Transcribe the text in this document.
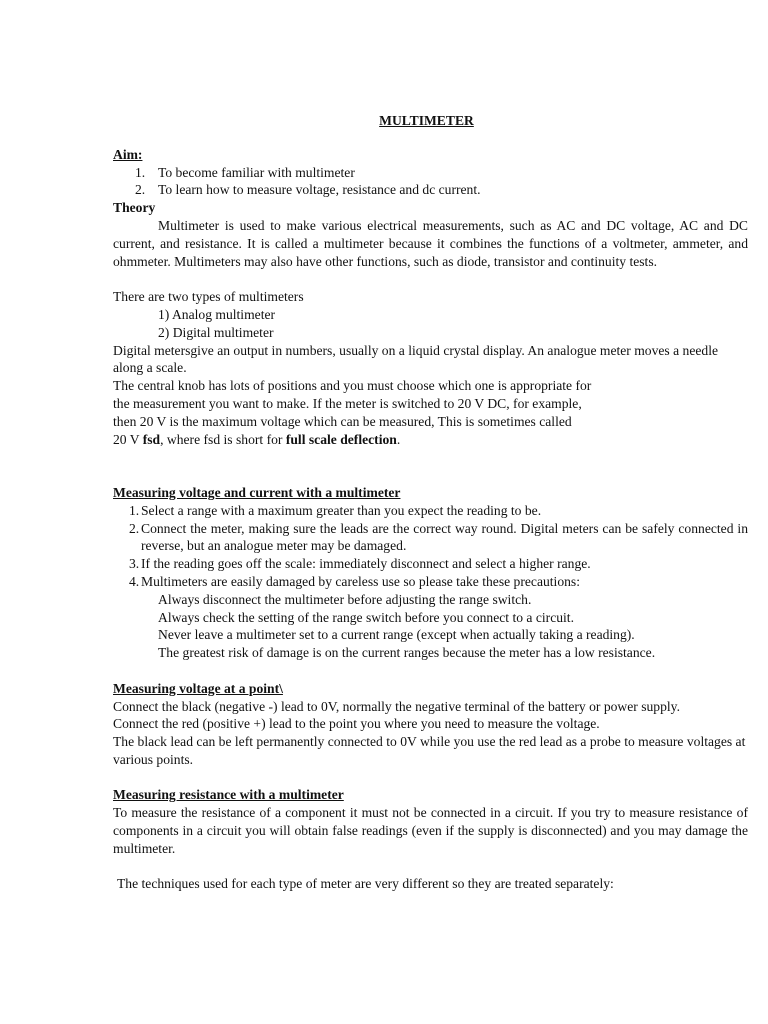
MULTIMETER
Aim:
1. To become familiar with multimeter
2. To learn how to measure voltage, resistance and dc current.
Theory

Multimeter is used to make various electrical measurements, such as AC and DC voltage, AC and DC current, and resistance. It is called a multimeter because it combines the functions of a voltmeter, ammeter, and ohmmeter. Multimeters may also have other functions, such as diode, transistor and continuity tests.

There are two types of multimeters

1) Analog multimeter
2) Digital multimeter

Digital metersgive an output in numbers, usually on a liquid crystal display. An analogue meter moves a needle along a scale.

The central knob has lots of positions and you must choose which one is appropriate for
the measurement you want to make. If the meter is switched to 20 V DC, for example,
then 20 V is the maximum voltage which can be measured, This is sometimes called
20 V fsd, where fsd is short for full scale deflection.
Measuring voltage and current with a multimeter
1. Select a range with a maximum greater than you expect the reading to be.
2. Connect the meter, making sure the leads are the correct way round. Digital meters can be safely connected in reverse, but an analogue meter may be damaged.
3. If the reading goes off the scale: immediately disconnect and select a higher range.
4. Multimeters are easily damaged by careless use so please take these precautions:
Always disconnect the multimeter before adjusting the range switch.
Always check the setting of the range switch before you connect to a circuit.
Never leave a multimeter set to a current range (except when actually taking a reading).
The greatest risk of damage is on the current ranges because the meter has a low resistance.
Measuring voltage at a point\

Connect the black (negative -) lead to 0V, normally the negative terminal of the battery or power supply.

Connect the red (positive +) lead to the point you where you need to measure the voltage.

The black lead can be left permanently connected to 0V while you use the red lead as a probe to measure voltages at various points.

Measuring resistance with a multimeter

To measure the resistance of a component it must not be connected in a circuit. If you try to measure resistance of components in a circuit you will obtain false readings (even if the supply is disconnected) and you may damage the multimeter.

The techniques used for each type of meter are very different so they are treated separately:
